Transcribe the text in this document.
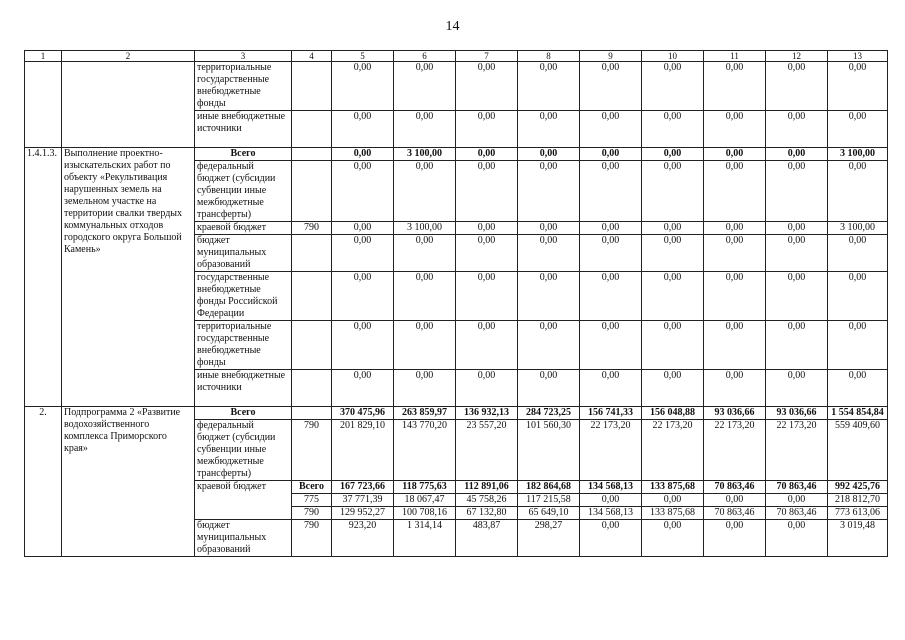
14
1	2	3	4	5	6	7	8	9	10	11	12	13
		территориальные государственные внебюджетные фонды		0,00	0,00	0,00	0,00	0,00	0,00	0,00	0,00	0,00
		иные внебюджетные источники		0,00	0,00	0,00	0,00	0,00	0,00	0,00	0,00	0,00
1.4.1.3.	Выполнение проектно-изыскательских работ по объекту «Рекультивация нарушенных земель на земельном участке на территории свалки твердых коммунальных отходов городского округа Большой Камень»	Всего		0,00	3 100,00	0,00	0,00	0,00	0,00	0,00	0,00	3 100,00
		федеральный бюджет (субсидии субвенции иные межбюджетные трансферты)		0,00	0,00	0,00	0,00	0,00	0,00	0,00	0,00	0,00
		краевой бюджет	790	0,00	3 100,00	0,00	0,00	0,00	0,00	0,00	0,00	3 100,00
		бюджет муниципальных образований		0,00	0,00	0,00	0,00	0,00	0,00	0,00	0,00	0,00
		государственные внебюджетные фонды Российской Федерации		0,00	0,00	0,00	0,00	0,00	0,00	0,00	0,00	0,00
		территориальные государственные внебюджетные фонды		0,00	0,00	0,00	0,00	0,00	0,00	0,00	0,00	0,00
		иные внебюджетные источники		0,00	0,00	0,00	0,00	0,00	0,00	0,00	0,00	0,00
2.	Подпрограмма 2 «Развитие водохозяйственного комплекса Приморского края»	Всего		370 475,96	263 859,97	136 932,13	284 723,25	156 741,33	156 048,88	93 036,66	93 036,66	1 554 854,84
		федеральный бюджет (субсидии субвенции иные межбюджетные трансферты)	790	201 829,10	143 770,20	23 557,20	101 560,30	22 173,20	22 173,20	22 173,20	22 173,20	559 409,60
		краевой бюджет	Всего	167 723,66	118 775,63	112 891,06	182 864,68	134 568,13	133 875,68	70 863,46	70 863,46	992 425,76
			775	37 771,39	18 067,47	45 758,26	117 215,58	0,00	0,00	0,00	0,00	218 812,70
			790	129 952,27	100 708,16	67 132,80	65 649,10	134 568,13	133 875,68	70 863,46	70 863,46	773 613,06
		бюджет муниципальных образований	790	923,20	1 314,14	483,87	298,27	0,00	0,00	0,00	0,00	3 019,48
